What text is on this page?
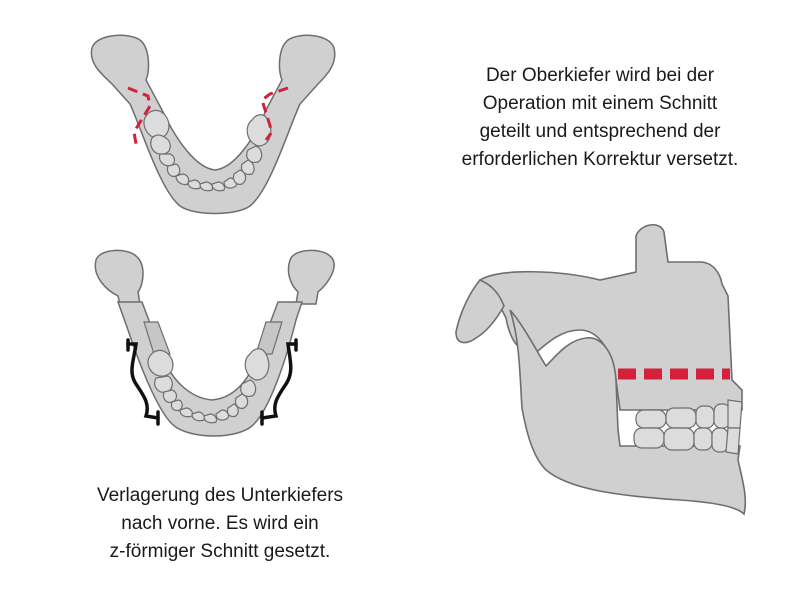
Der Oberkiefer wird bei der
Operation mit einem Schnitt
geteilt und entsprechend der
erforderlichen Korrektur versetzt.
Verlagerung des Unterkiefers
nach vorne. Es wird ein
z-förmiger Schnitt gesetzt.
